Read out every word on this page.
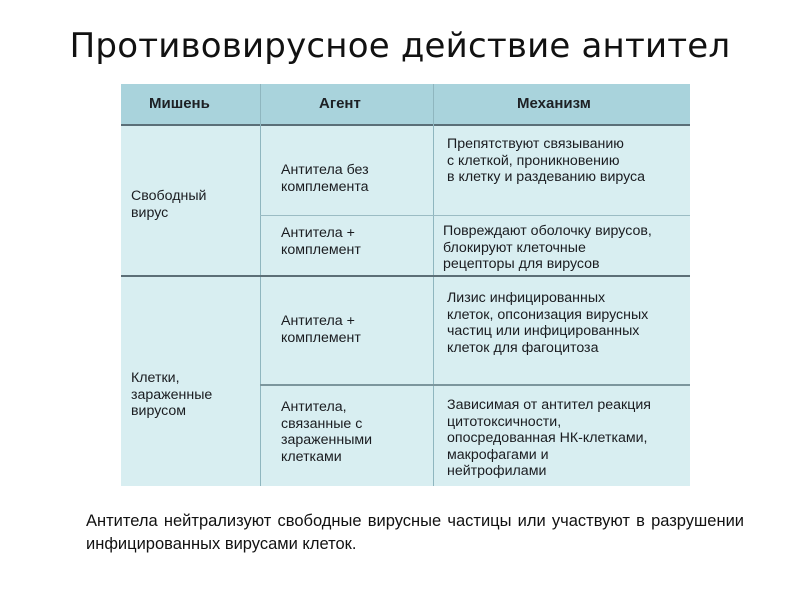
Противовирусное действие антител
Мишень	Агент	Механизм
Свободный
вирус
Антитела без
комплемента
Препятствуют связыванию
с клеткой, проникновению
в клетку и раздеванию вируса
Антитела +
комплемент
Повреждают оболочку вирусов,
блокируют клеточные
рецепторы для вирусов
Клетки,
зараженные
вирусом
Антитела +
комплемент
Лизис инфицированных
клеток, опсонизация вирусных
частиц или инфицированных
клеток для фагоцитоза
Антитела,
связанные с
зараженными
клетками
Зависимая от антител реакция
цитотоксичности,
опосредованная НК-клетками,
макрофагами и
нейтрофилами

Антитела нейтрализуют свободные вирусные частицы или участвуют в разрушении инфицированных вирусами клеток.
